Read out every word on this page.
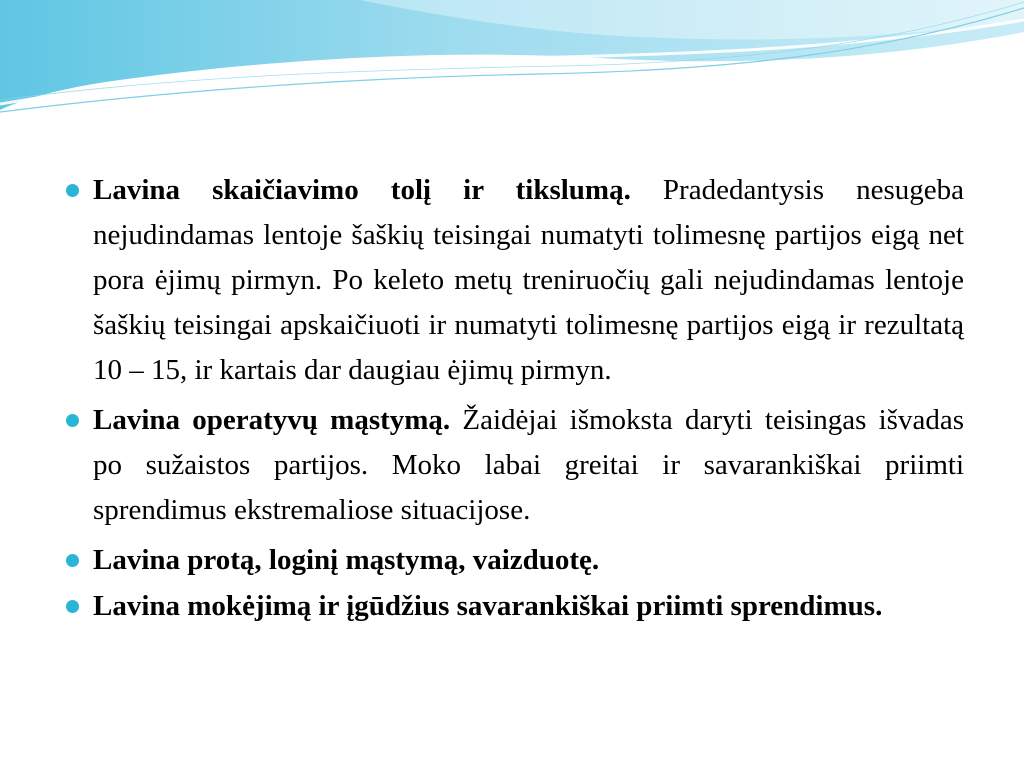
Lavina skaičiavimo tolį ir tikslumą. Pradedantysis nesugeba nejudindamas lentoje šaškių teisingai numatyti tolimesnę partijos eigą net pora ėjimų pirmyn. Po keleto metų treniruočių gali nejudindamas lentoje šaškių teisingai apskaičiuoti ir numatyti tolimesnę partijos eigą ir rezultatą 10 – 15, ir kartais dar daugiau ėjimų pirmyn.

Lavina operatyvų mąstymą. Žaidėjai išmoksta daryti teisingas išvadas po sužaistos partijos. Moko labai greitai ir savarankiškai priimti sprendimus ekstremaliose situacijose.

Lavina protą, loginį mąstymą, vaizduotę.

Lavina mokėjimą ir įgūdžius savarankiškai priimti sprendimus.
